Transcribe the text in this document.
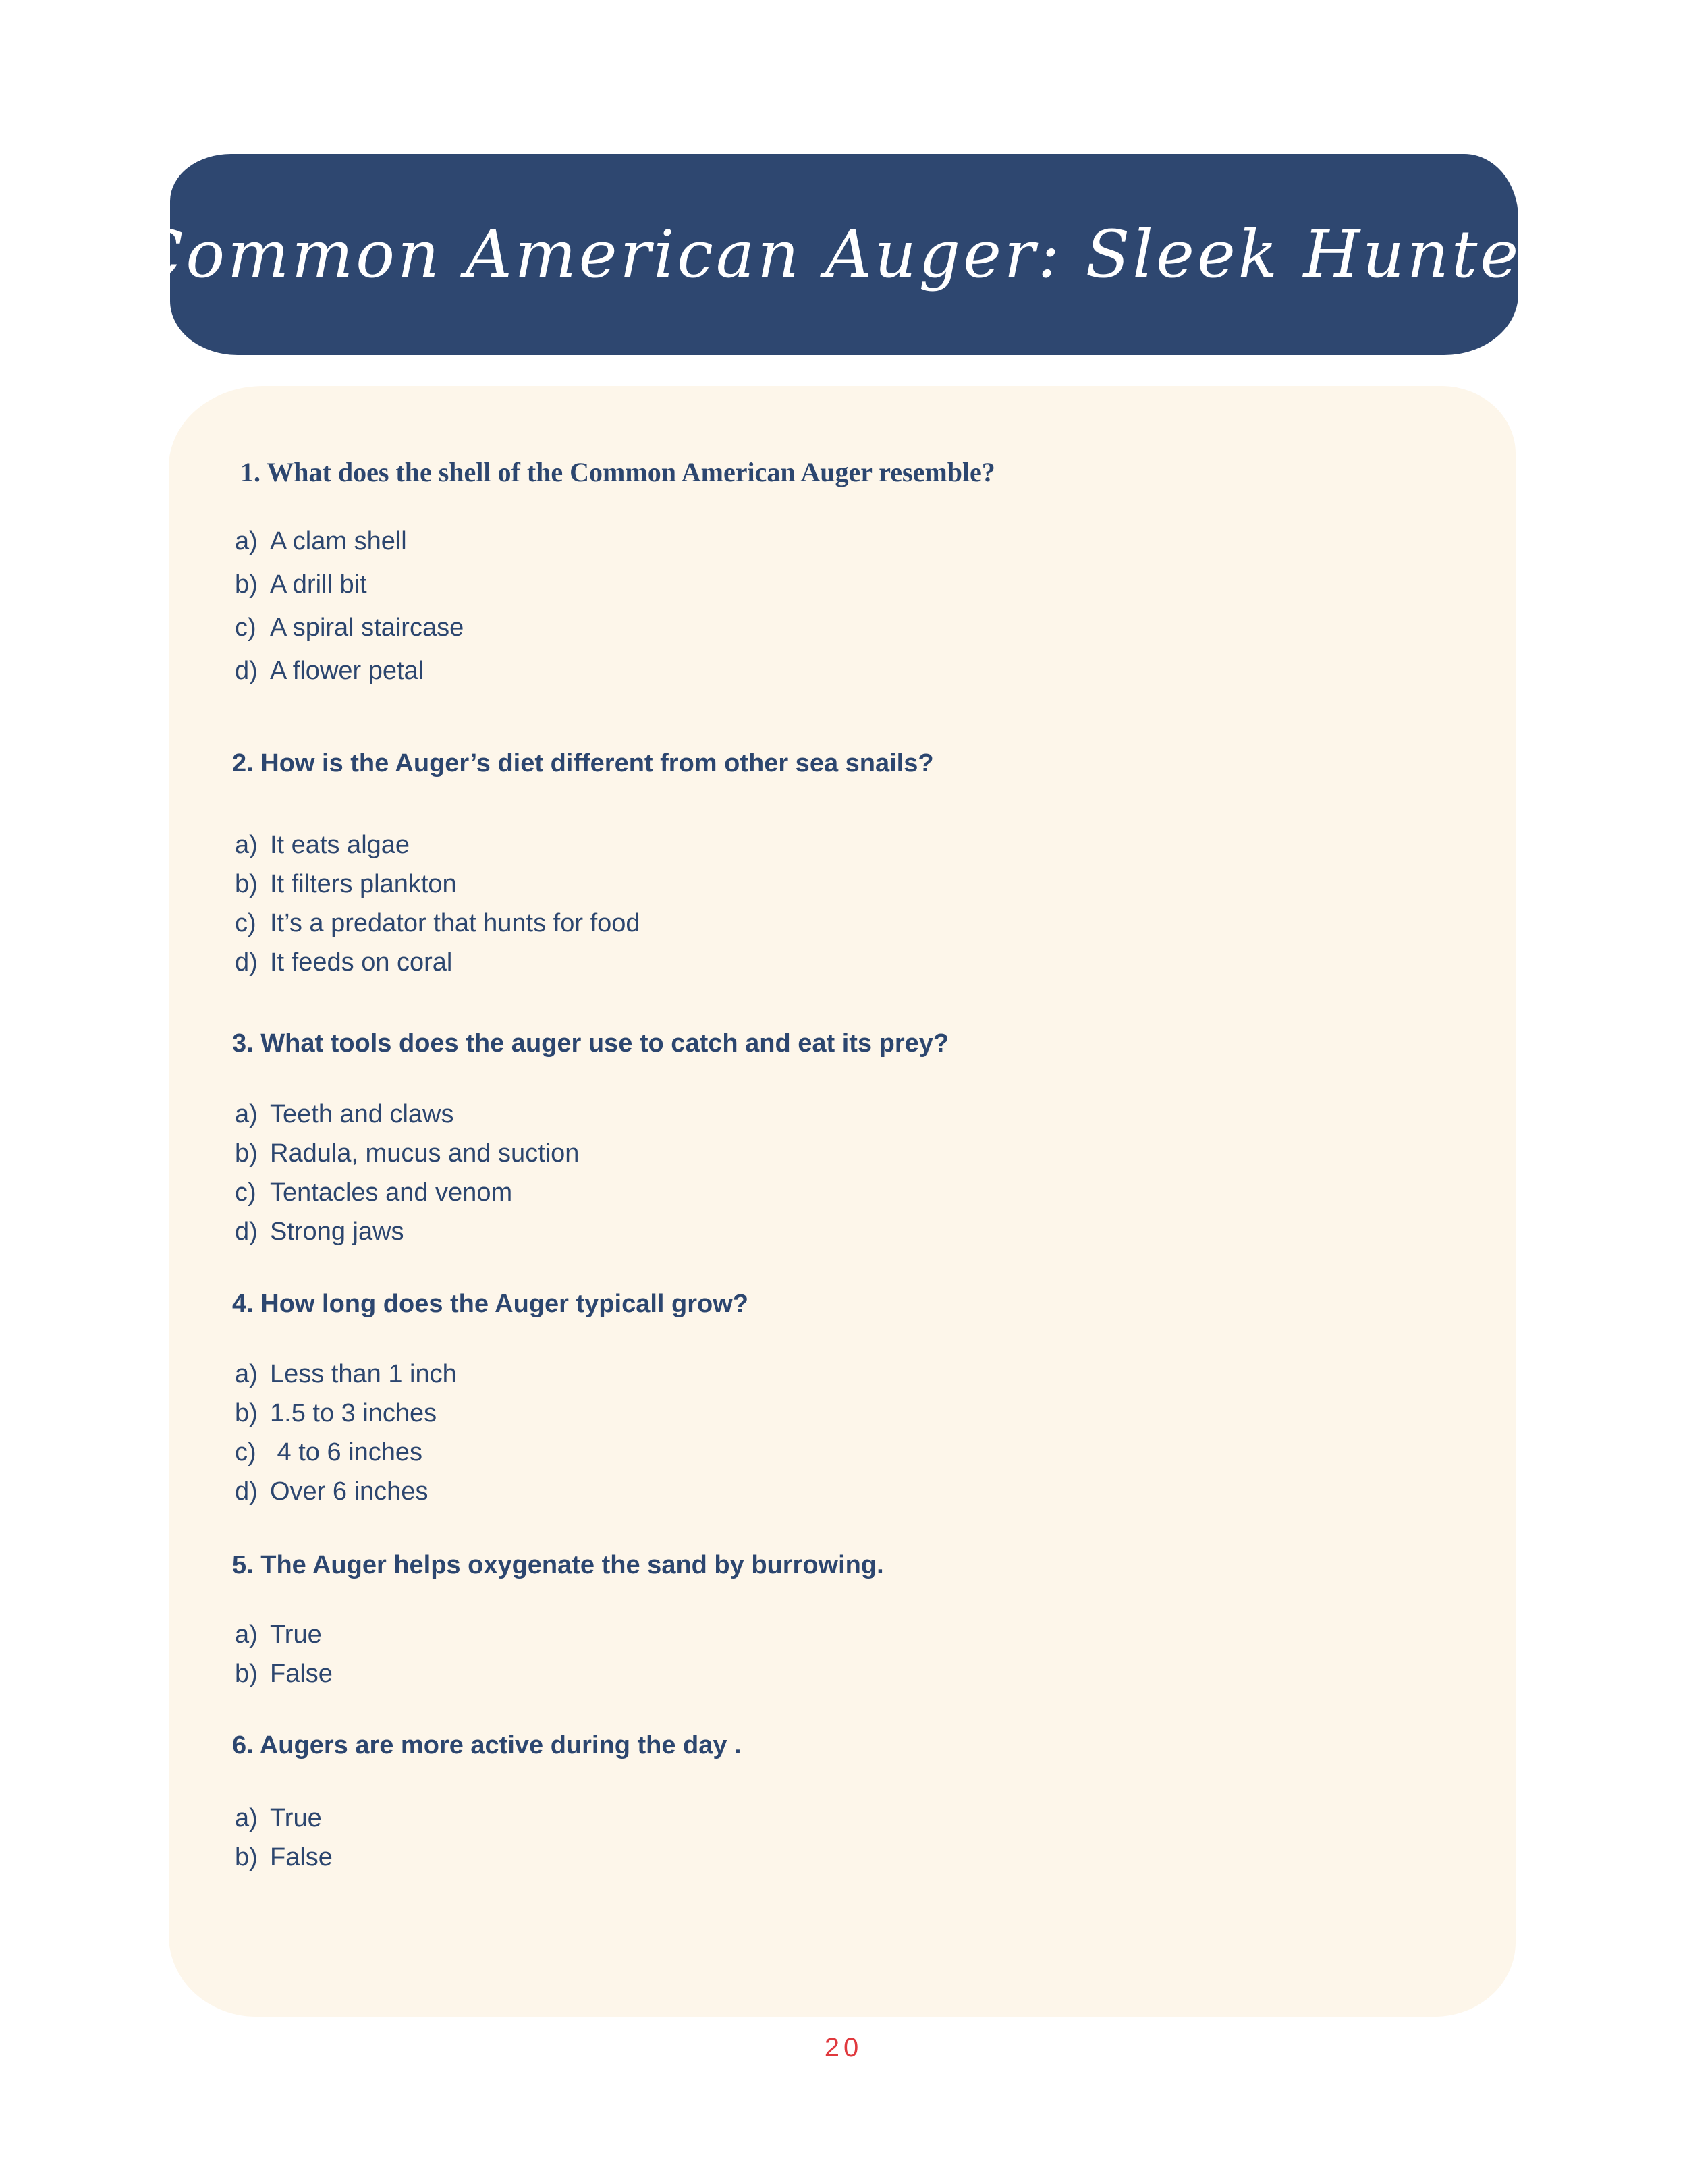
Common American Auger: Sleek Hunter
1. What does the shell of the Common American Auger resemble?
a) A clam shell
b) A drill bit
c) A spiral staircase
d) A flower petal
2. How is the Auger’s diet different from other sea snails?
a) It eats algae
b) It filters plankton
c) It’s a predator that hunts for food
d) It feeds on coral
3. What tools does the auger use to catch and eat its prey?
a) Teeth and claws
b) Radula, mucus and suction
c) Tentacles and venom
d) Strong jaws
4. How long does the Auger typicall grow?
a) Less than 1 inch
b) 1.5 to 3 inches
c) 4 to 6 inches
d) Over 6 inches
5. The Auger helps oxygenate the sand by burrowing.
a) True
b) False
6. Augers are more active during the day .
a) True
b) False
20
